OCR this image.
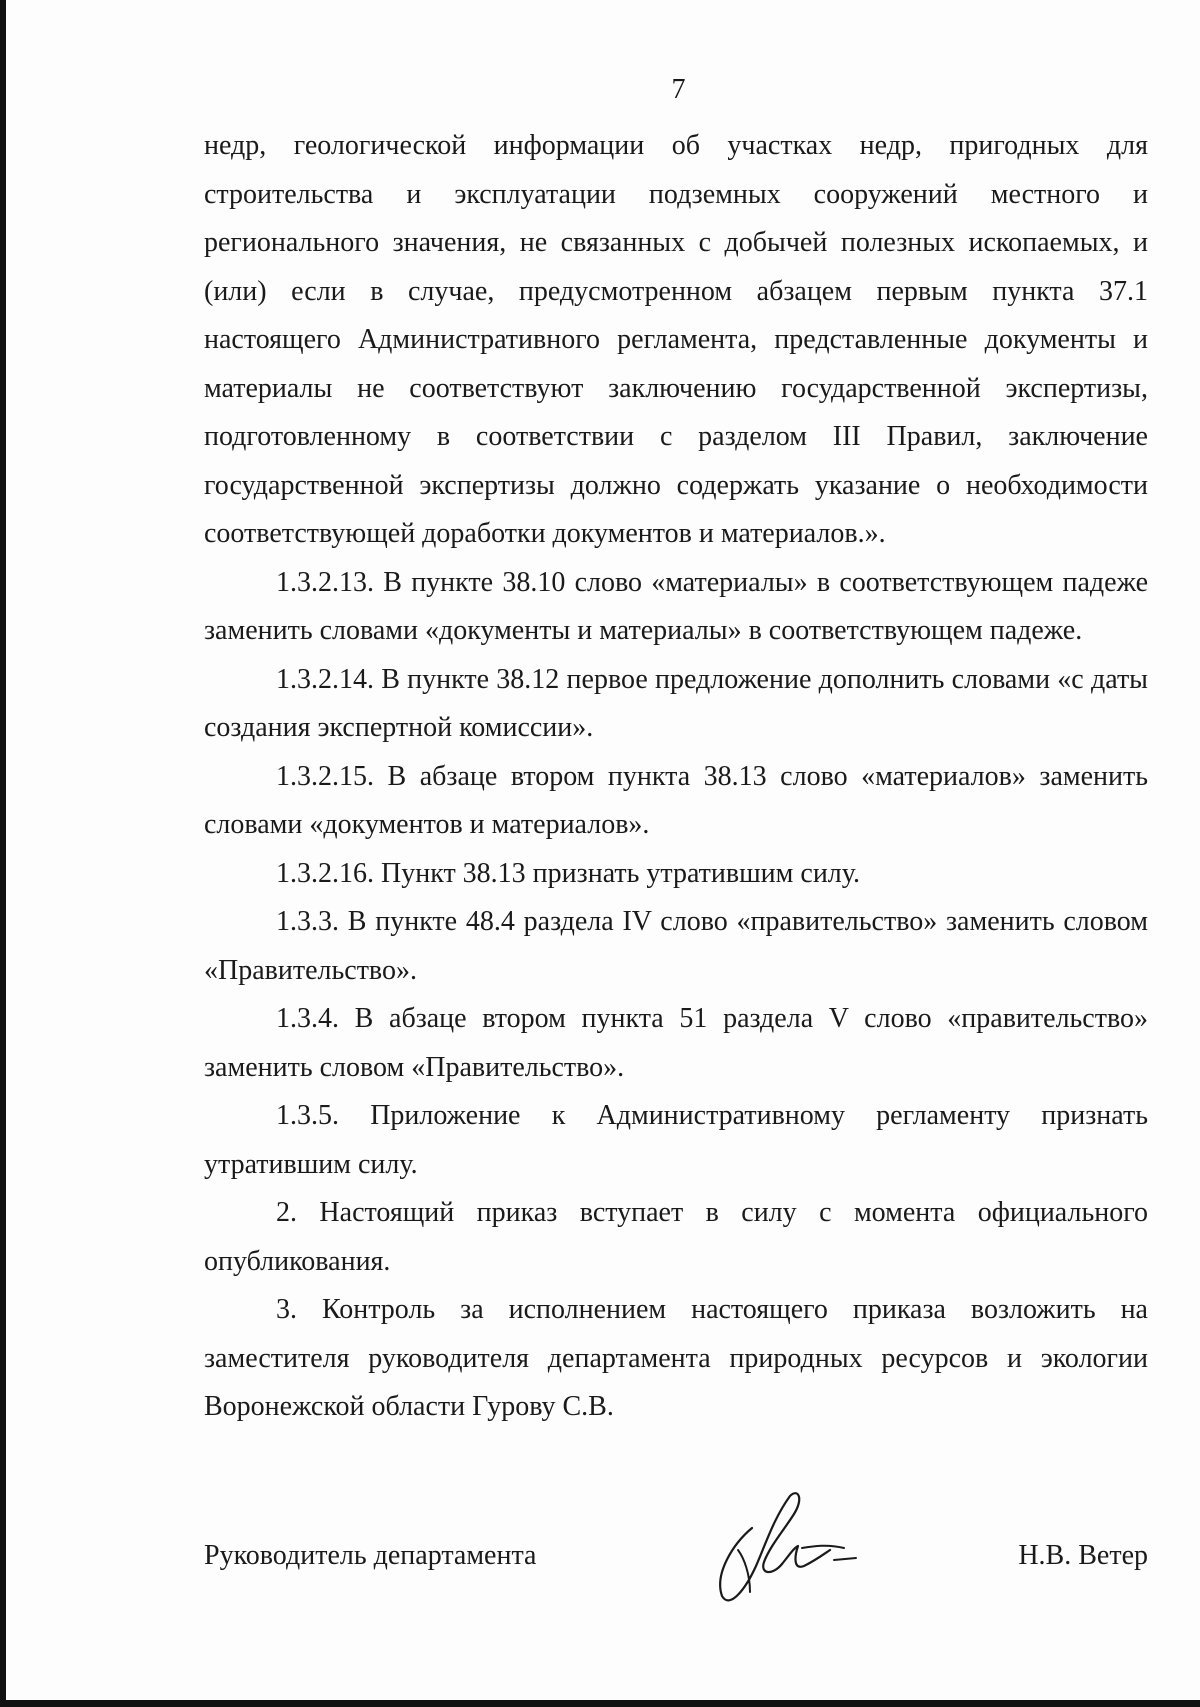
7

недр, геологической информации об участках недр, пригодных для строительства и эксплуатации подземных сооружений местного и регионального значения, не связанных с добычей полезных ископаемых, и (или) если в случае, предусмотренном абзацем первым пункта 37.1 настоящего Административного регламента, представленные документы и материалы не соответствуют заключению государственной экспертизы, подготовленному в соответствии с разделом III Правил, заключение государственной экспертизы должно содержать указание о необходимости соответствующей доработки документов и материалов.».

1.3.2.13. В пункте 38.10 слово «материалы» в соответствующем падеже заменить словами «документы и материалы» в соответствующем падеже.

1.3.2.14. В пункте 38.12 первое предложение дополнить словами «с даты создания экспертной комиссии».

1.3.2.15. В абзаце втором пункта 38.13 слово «материалов» заменить словами «документов и материалов».

1.3.2.16. Пункт 38.13 признать утратившим силу.

1.3.3. В пункте 48.4 раздела IV слово «правительство» заменить словом «Правительство».

1.3.4. В абзаце втором пункта 51 раздела V слово «правительство» заменить словом «Правительство».

1.3.5. Приложение к Административному регламенту признать утратившим силу.

2. Настоящий приказ вступает в силу с момента официального опубликования.

3. Контроль за исполнением настоящего приказа возложить на заместителя руководителя департамента природных ресурсов и экологии Воронежской области Гурову С.В.

Руководитель департамента	Н.В. Ветер
